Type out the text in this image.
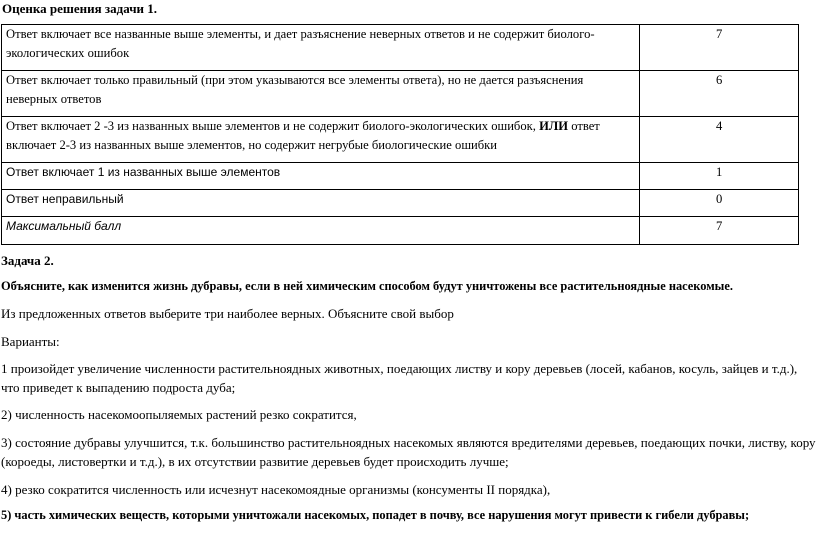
Оценка решения задачи 1.
Ответ включает все названные выше элементы, и дает разъяснение неверных ответов и не содержит биолого-экологических ошибок	7
Ответ включает только правильный (при этом указываются все элементы ответа), но не дается разъяснения неверных ответов	6
Ответ включает 2 -3 из названных выше элементов и не содержит биолого-экологических ошибок, ИЛИ ответ включает 2-3 из названных выше элементов, но содержит негрубые биологические ошибки	4
Ответ включает 1 из названных выше элементов	1
Ответ неправильный	0
Максимальный балл	7
Задача 2.
Объясните, как изменится жизнь дубравы, если в ней химическим способом будут уничтожены все растительноядные насекомые.
Из предложенных ответов выберите три наиболее верных. Объясните свой выбор
Варианты:
1 произойдет увеличение численности растительноядных животных, поедающих листву и кору деревьев (лосей, кабанов, косуль, зайцев и т.д.), что приведет к выпадению подроста дуба;
2) численность насекомоопыляемых растений резко сократится,
3) состояние дубравы улучшится, т.к. большинство растительноядных насекомых являются вредителями деревьев, поедающих почки, листву, кору (короеды, листовертки и т.д.), в их отсутствии развитие деревьев будет происходить лучше;
4) резко сократится численность или исчезнут насекомоядные организмы (консументы II порядка),
5) часть химических веществ, которыми уничтожали насекомых, попадет в почву, все нарушения могут привести к гибели дубравы;
